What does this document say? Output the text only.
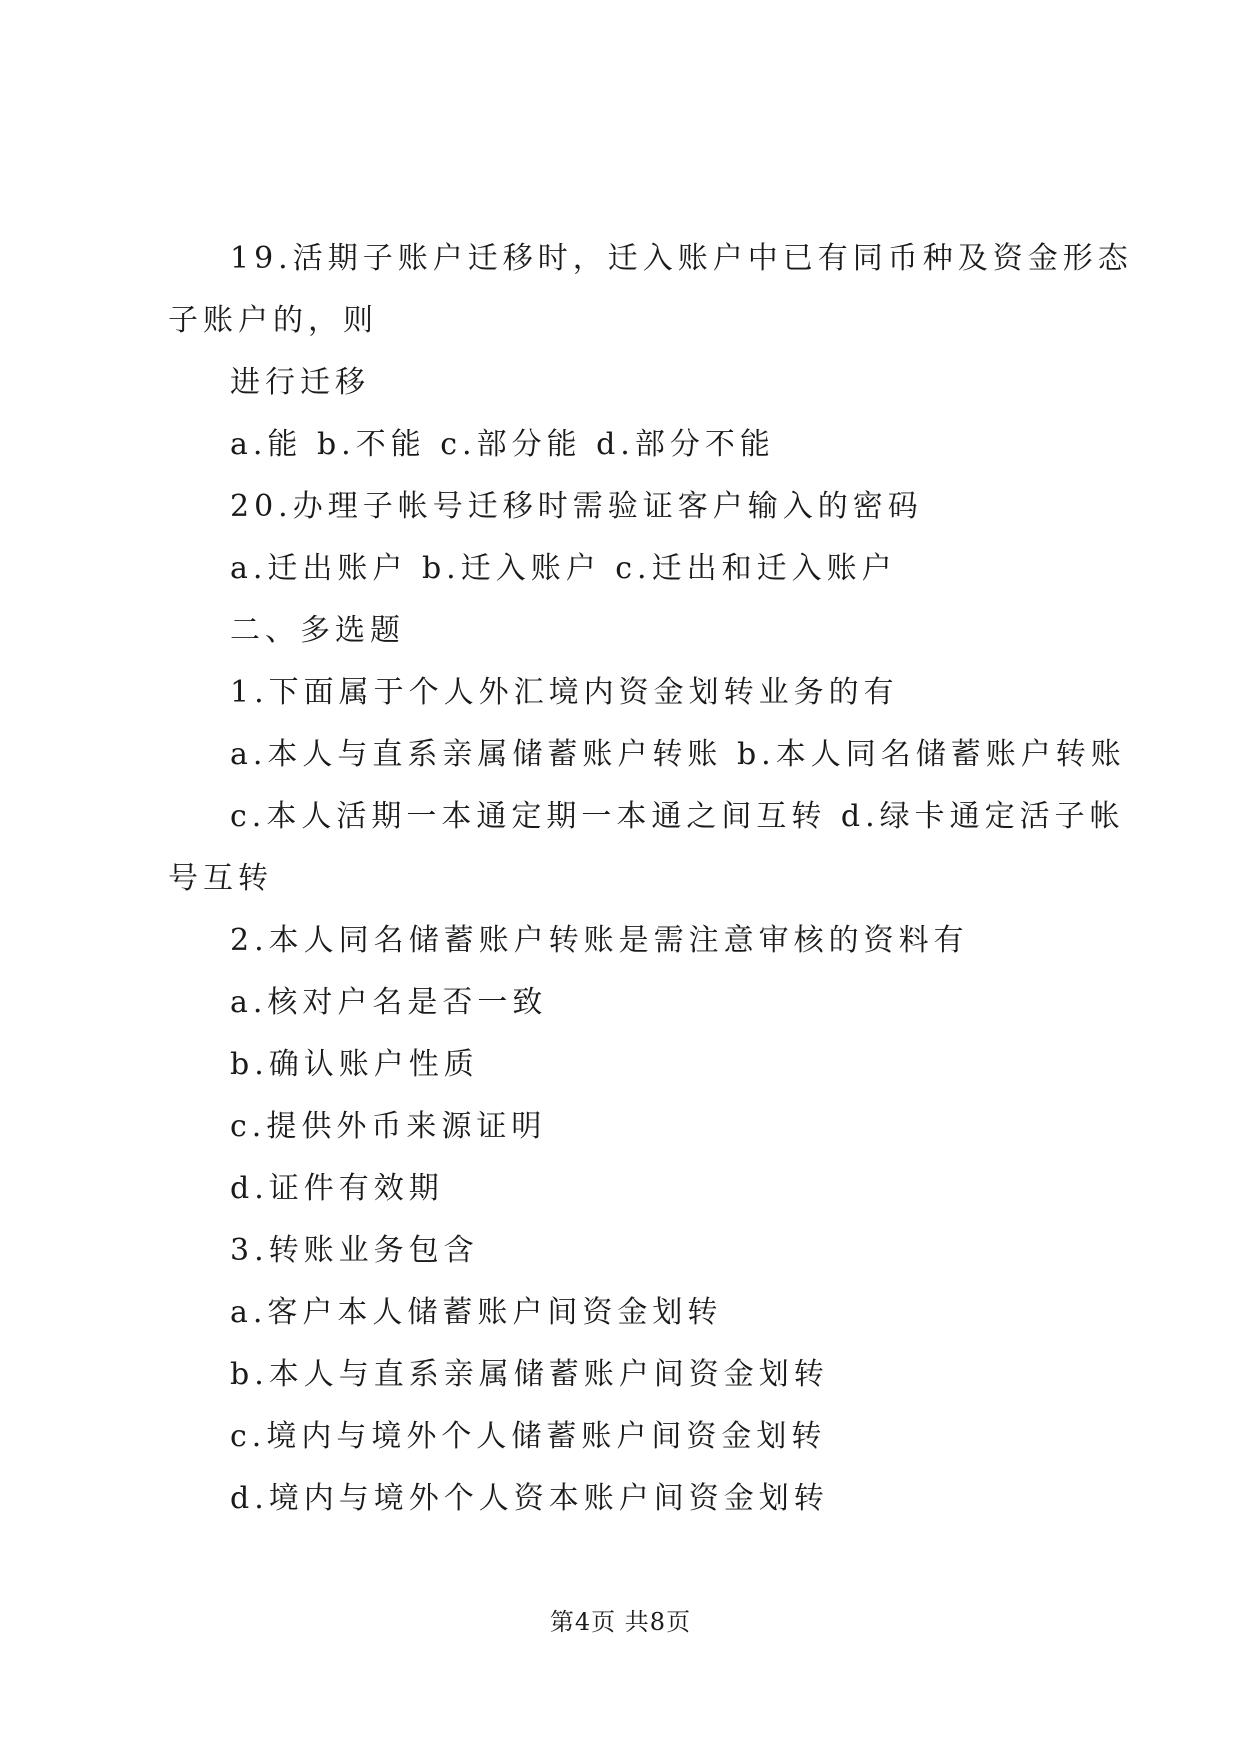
19.活期子账户迁移时，迁入账户中已有同币种及资金形态

子账户的，则

进行迁移

a.能 b.不能 c.部分能 d.部分不能

20.办理子帐号迁移时需验证客户输入的密码

a.迁出账户 b.迁入账户 c.迁出和迁入账户

二、多选题

1.下面属于个人外汇境内资金划转业务的有

a.本人与直系亲属储蓄账户转账 b.本人同名储蓄账户转账

c.本人活期一本通定期一本通之间互转 d.绿卡通定活子帐

号互转

2.本人同名储蓄账户转账是需注意审核的资料有

a.核对户名是否一致

b.确认账户性质

c.提供外币来源证明

d.证件有效期

3.转账业务包含

a.客户本人储蓄账户间资金划转

b.本人与直系亲属储蓄账户间资金划转

c.境内与境外个人储蓄账户间资金划转

d.境内与境外个人资本账户间资金划转

第4页 共8页
